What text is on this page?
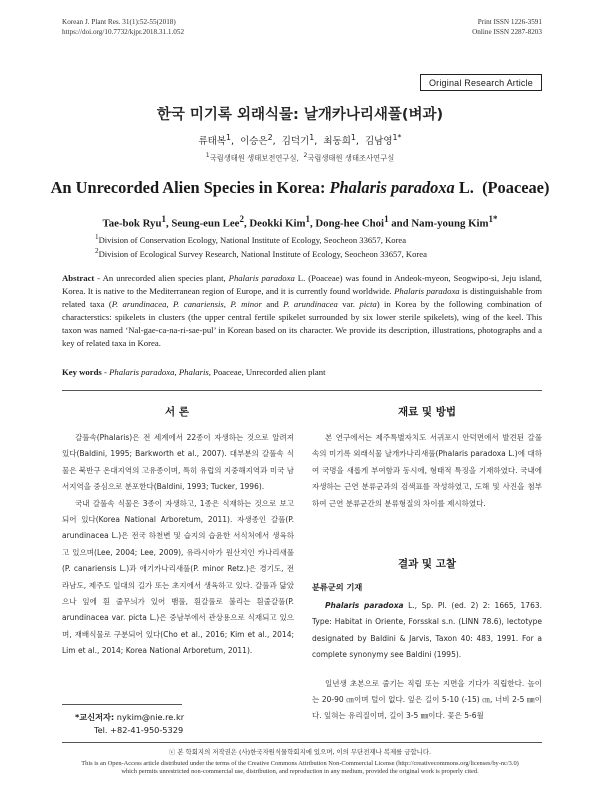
Korean J. Plant Res. 31(1):52-55(2018)
https://doi.org/10.7732/kjpr.2018.31.1.052
Print ISSN 1226-3591
Online ISSN 2287-8203
Original Research Article
한국 미기록 외래식물: 날개카나리새풀(벼과)
류태복$^1$,  이승은$^2$,  김덕기$^1$,  최동희$^1$,  김남영$^{1*}$
$^1$국립생태원 생태보전연구실, $^2$국립생태원 생태조사연구실
An Unrecorded Alien Species in Korea: Phalaris paradoxa L. (Poaceae)
Tae-bok Ryu$^1$, Seung-eun Lee$^2$, Deokki Kim$^1$, Dong-hee Choi$^1$ and Nam-young Kim$^{1*}$
$^1$Division of Conservation Ecology, National Institute of Ecology, Seocheon 33657, Korea
$^2$Division of Ecological Survey Research, National Institute of Ecology, Seocheon 33657, Korea
Abstract - An unrecorded alien species plant, Phalaris paradoxa L. (Poaceae) was found in Andeok-myeon, Seogwipo-si, Jeju island, Korea. It is native to the Mediterranean region of Europe, and it is currently found worldwide. Phalaris paradoxa is distinguishable from related taxa (P. arundinacea, P. canariensis, P. minor and P. arundinacea var. picta) in Korea by the following combination of characterstics: spikelets in clusters (the upper central fertile spikelet surrounded by six lower sterile spikelets), wing of the keel. This taxon was named ‘Nal-gae-ca-na-ri-sae-pul’ in Korean based on its character. We provide its description, illustrations, photographs and a key of related taxa in Korea.
Key words - Phalaris paradoxa, Phalaris, Poaceae, Unrecorded alien plant
서 론

갈풀속(Phalaris)은 전 세계에서 22종이 자생하는 것으로 알려져 있다(Baldini, 1995; Barkworth et al., 2007). 대부분의 갈풀속 식물은 북반구 온대지역의 고유종이며, 특히 유럽의 지중해지역과 미국 남서지역을 중심으로 분포한다(Baldini, 1993; Tucker, 1996).

국내 갈풀속 식물은 3종이 자생하고, 1종은 식재하는 것으로 보고되어 있다(Korea National Arboretum, 2011). 자생종인 갈풀(P. arundinacea L.)은 전국 하천변 및 습지의 습윤한 서식처에서 생육하고 있으며(Lee, 2004; Lee, 2009), 유라시아가 원산지인 카나리새풀(P. canariensis L.)과 애기카나리새풀(P. minor Retz.)은 경기도, 전라남도, 제주도 일대의 길가 또는 초지에서 생육하고 있다. 갈풀과 닮았으나 잎에 흰 줄무늬가 있어 뱀풀, 흰갈풀로 불리는 흰줄갈풀(P. arundinacea var. picta L.)은 중남부에서 관상용으로 식재되고 있으며, 재배식물로 구분되어 있다(Cho et al., 2016; Kim et al., 2014; Lim et al., 2014; Korea National Arboretum, 2011).

*교신저자: nykim@nie.re.kr
Tel. +82-41-950-5329
재료 및 방법

본 연구에서는 제주특별자치도 서귀포시 안덕면에서 발견된 갈풀속의 미기록 외래식물 날개카나리새풀(Phalaris paradoxa L.)에 대하여 국명을 새롭게 부여함과 동시에, 형태적 특징을 기재하였다. 국내에 자생하는 근연 분류군과의 검색표를 작성하였고, 도해 및 사진을 첨부하여 근연 분류군간의 분류형질의 차이를 제시하였다.

결과 및 고찰
분류군의 기재

Phalaris paradoxa L., Sp. Pl. (ed. 2) 2: 1665, 1763. Type: Habitat in Oriente, Forsskal s.n. (LINN 78.6), lectotype designated by Baldini & Jarvis, Taxon 40: 483, 1991. For a complete synonymy see Baldini (1995).

일년생 초본으로 줄기는 직립 또는 지면을 기다가 직립한다. 높이는 20-90 ㎝이며 털이 없다. 잎은 길이 5-10 (-15) ㎝, 너비 2-5 ㎜이다. 잎혀는 유리질이며, 길이 3-5 ㎜이다. 꽃은 5-6월

ⓒ 본 학회지의 저작권은 (사)한국자원식물학회지에 있으며, 이의 무단전재나 복제를 금합니다.
This is an Open-Access article distributed under the terms of the Creative Commons Attribution Non-Commercial License (http://creativecommons.org/licenses/by-nc/3.0)
which permits unrestricted non-commercial use, distribution, and reproduction in any medium, provided the original work is properly cited.
